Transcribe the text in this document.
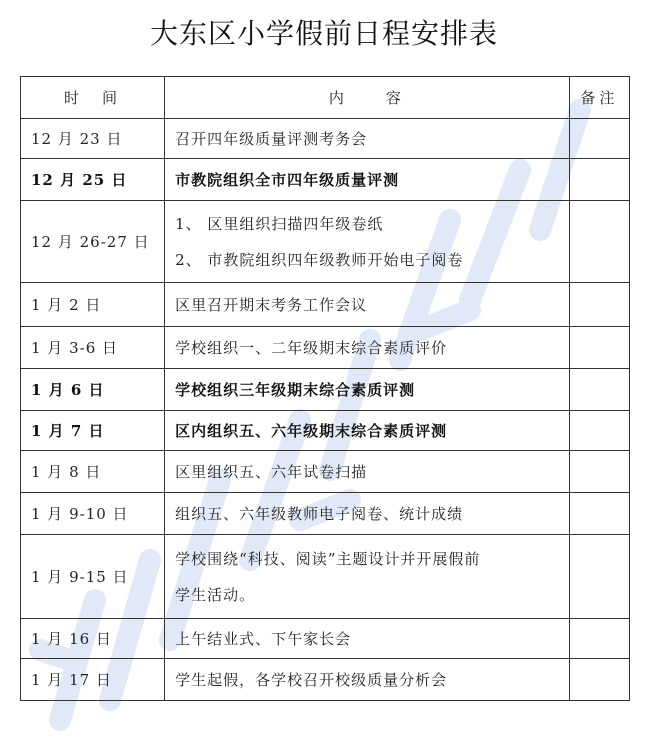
大东区小学假前日程安排表
时　间	内　　容	备注
12 月 23 日	召开四年级质量评测考务会	

12 月 25 日	市教院组织全市四年级质量评测	

12 月 26-27 日	1、 区里组织扫描四年级卷纸
2、 市教院组织四年级教师开始电子阅卷	

1 月 2 日	区里召开期末考务工作会议	

1 月 3-6 日	学校组织一、二年级期末综合素质评价	

1 月 6 日	学校组织三年级期末综合素质评测	

1 月 7 日	区内组织五、六年级期末综合素质评测	

1 月 8 日	区里组织五、六年试卷扫描	

1 月 9-10 日	组织五、六年级教师电子阅卷、统计成绩	

1 月 9-15 日	学校围绕“科技、阅读”主题设计并开展假前
学生活动。	

1 月 16 日	上午结业式、下午家长会	

1 月 17 日	学生起假，各学校召开校级质量分析会	
